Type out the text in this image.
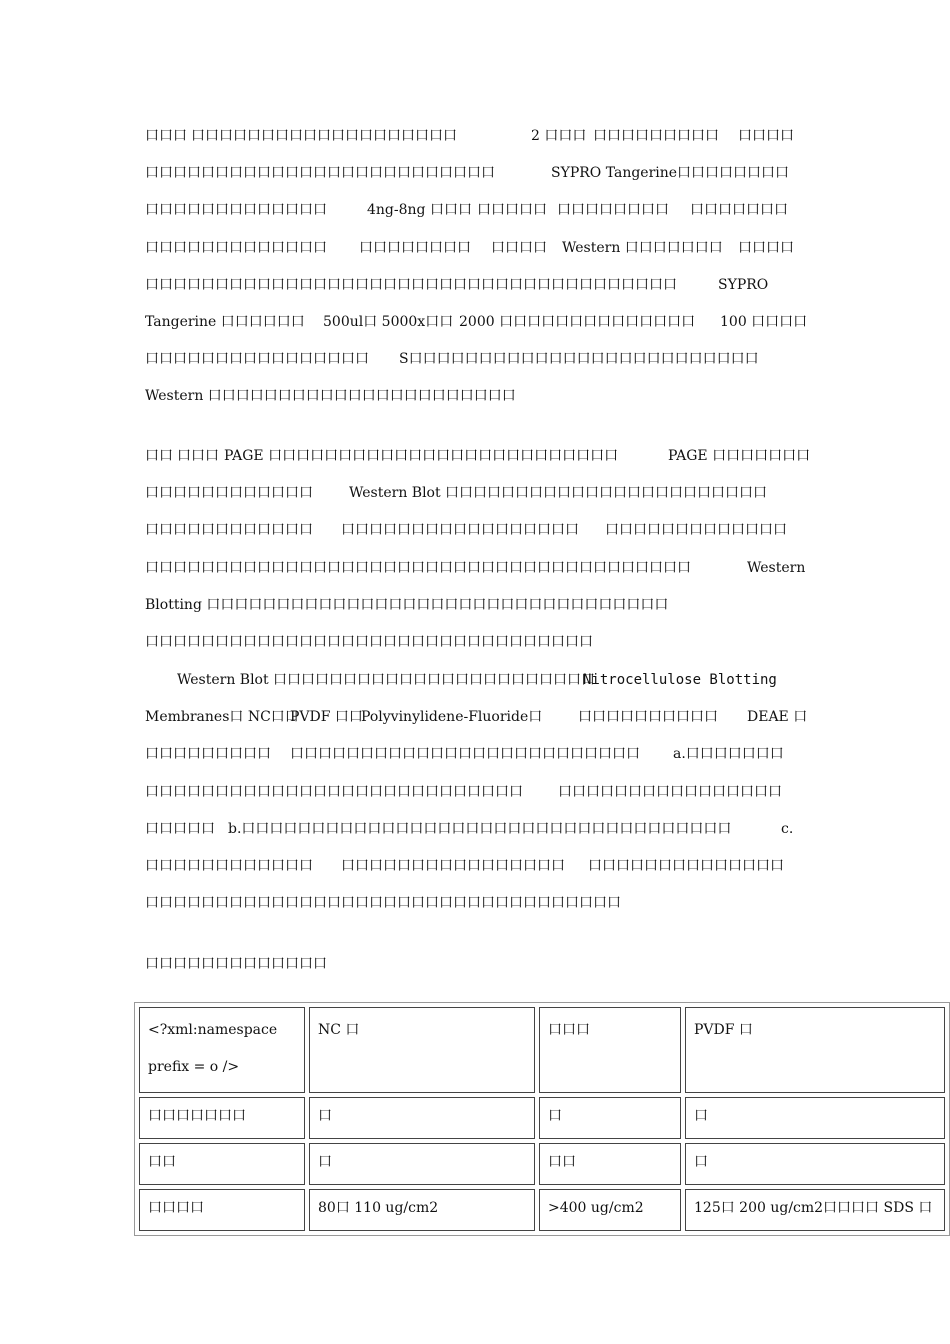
口口口

口口口口口口口口口口口口口口口口口口口

	2 口口口

口口口口口口口口口

口口口口

口口口口口口口口口口口口口口口口口口口口口口口口口

	SYPRO Tangerine口口口口口口口口

口口口口口口口口口口口口口

	4ng-8ng 口口口

口口口口口

口口口口口口口口

口口口口口口口

口口口口口口口口口口口口口

口口口口口口口口

口口口口

Western 口口口口口口口

口口口口

口口口口口口口口口口口口口口口口口口口口口口口口口口口口口口口口口口口口口口

	SYPRO

Tangerine 口口口口口口

500ul口 5000x口口

2000 口口口口口口口口口口口口口口

100 口口口口

口口口口口口口口口口口口口口口口

S口口口口口口口口口口口口口口口口口口口口口口口口口

Western 口口口口口口口口口口口口口口口口口口口口口口

口口

口口口

PAGE 口口口口口口口口口口口口口口口口口口口口口口口口口

	PAGE 口口口口口口口

口口口口口口口口口口口口

	Western Blot 口口口口口口口口口口口口口口口口口口口口口口口

口口口口口口口口口口口口

口口口口口口口口口口口口口口口口口

口口口口口口口口口口口口口

口口口口口口口口口口口口口口口口口口口口口口口口口口口口口口口口口口口口口口口

	Western

Blotting 口口口口口口口口口口口口口口口口口口口口口口口口口口口口口口口口口

口口口口口口口口口口口口口口口口口口口口口口口口口口口口口口口口

Western Blot 口口口口口口口口口口口口口口口口口口口口口口口

Nitrocellulose Blotting

Membranes口 NC口口

PVDF 口口

Polyvinylidene-Fluoride口

	口口口口口口口口口口

DEAE 口

口口口口口口口口口

口口口口口口口口口口口口口口口口口口口口口口口口口

a.口口口口口口口

口口口口口口口口口口口口口口口口口口口口口口口口口口口

	口口口口口口口口口口口口口口口口

口口口口口

b.口口口口口口口口口口口口口口口口口口口口口口口口口口口口口口口口口口口

	c.

口口口口口口口口口口口口

口口口口口口口口口口口口口口口口

口口口口口口口口口口口口口口

口口口口口口口口口口口口口口口口口口口口口口口口口口口口口口口口口口

口口口口口口口口口口口口口

<?xml:namespace prefix = o />	NC 口	口口口	PVDF 口
口口口口口口口	口	口	口
口口	口	口口	口
口口口口	80口 110 ug/cm2	>400 ug/cm2	125口 200 ug/cm2口口口口 SDS 口
